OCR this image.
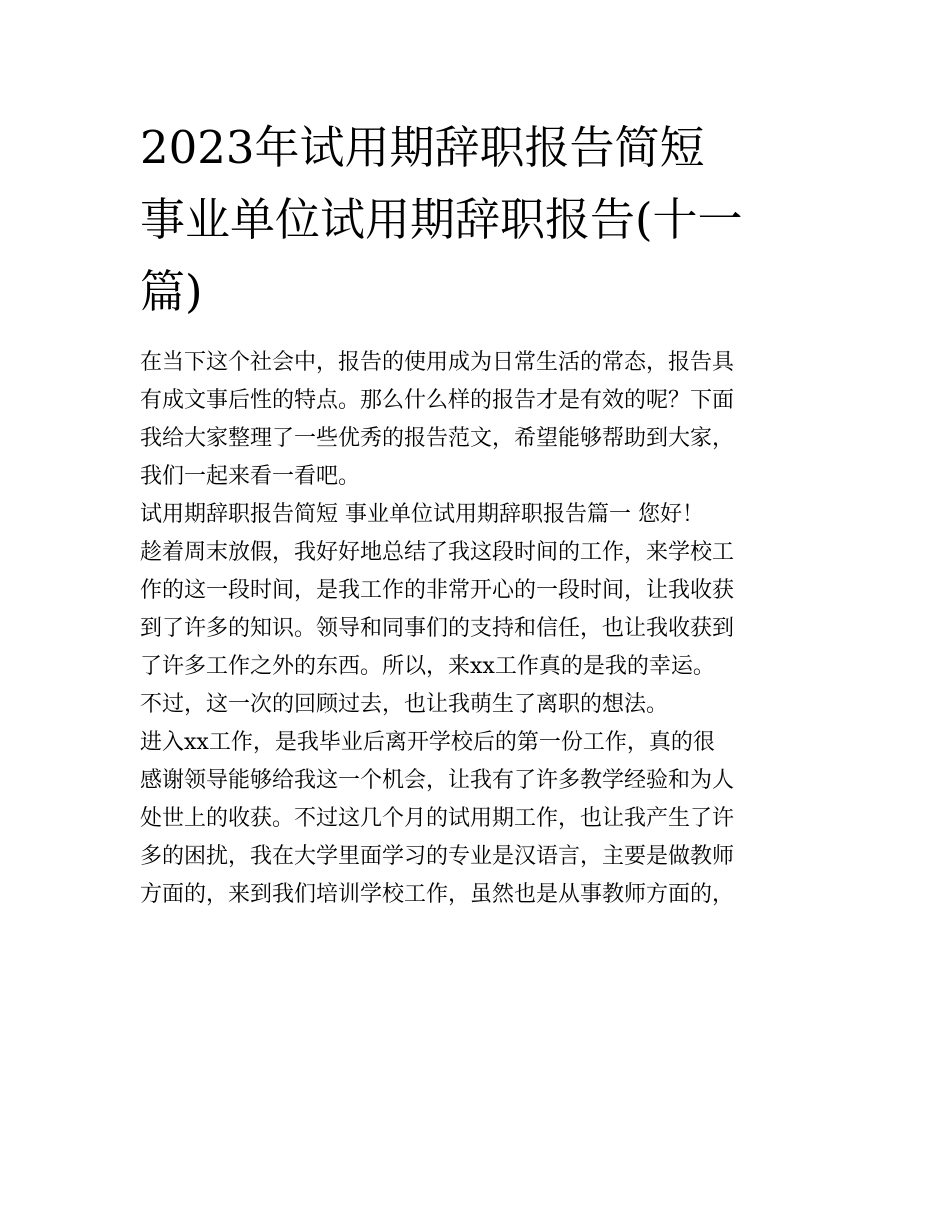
2023年试用期辞职报告简短
事业单位试用期辞职报告(十一
篇)
在当下这个社会中，报告的使用成为日常生活的常态，报告具
有成文事后性的特点。那么什么样的报告才是有效的呢？下面
我给大家整理了一些优秀的报告范文，希望能够帮助到大家，
我们一起来看一看吧。
试用期辞职报告简短 事业单位试用期辞职报告篇一 您好！
趁着周末放假，我好好地总结了我这段时间的工作，来学校工
作的这一段时间，是我工作的非常开心的一段时间，让我收获
到了许多的知识。领导和同事们的支持和信任，也让我收获到
了许多工作之外的东西。所以，来xx工作真的是我的幸运。
不过，这一次的回顾过去，也让我萌生了离职的想法。
进入xx工作，是我毕业后离开学校后的第一份工作，真的很
感谢领导能够给我这一个机会，让我有了许多教学经验和为人
处世上的收获。不过这几个月的试用期工作，也让我产生了许
多的困扰，我在大学里面学习的专业是汉语言，主要是做教师
方面的，来到我们培训学校工作，虽然也是从事教师方面的，
